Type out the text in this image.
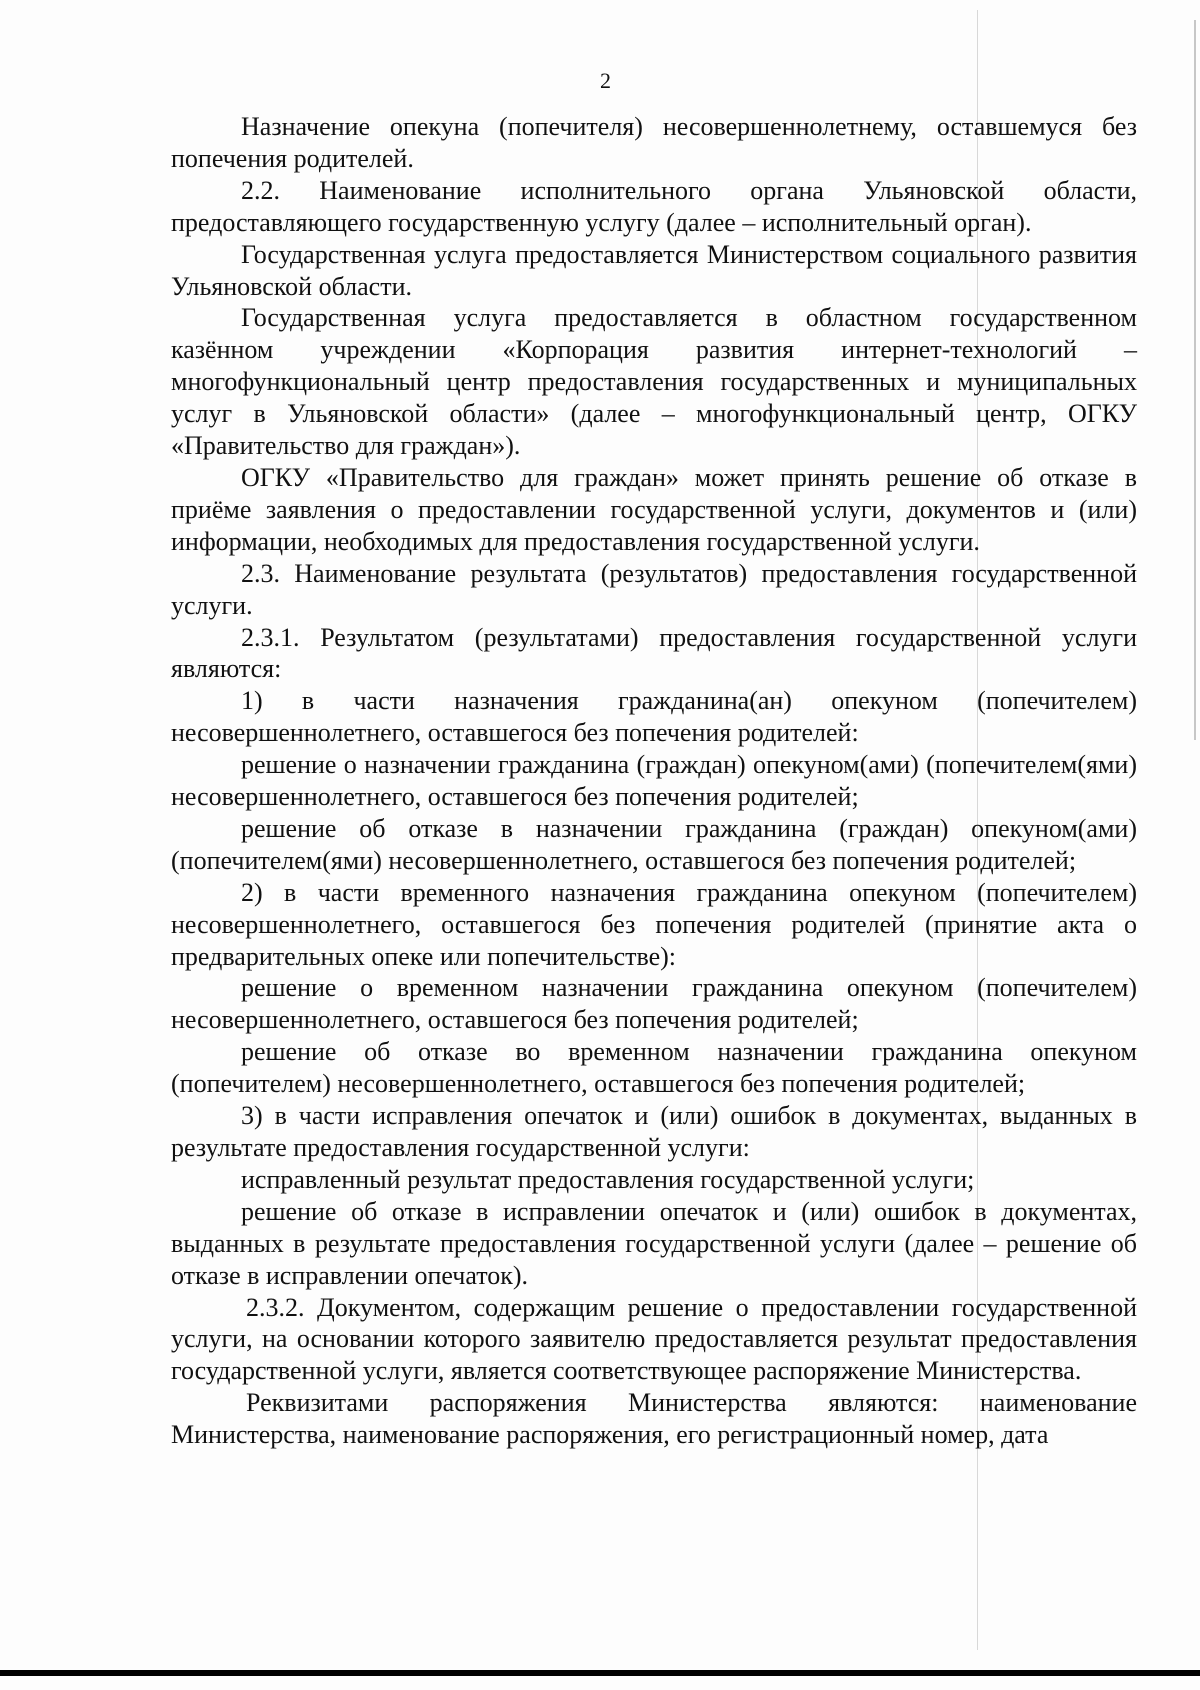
2

Назначение опекуна (попечителя) несовершеннолетнему, оставшемуся без попечения родителей.

2.2. Наименование исполнительного органа Ульяновской области, предоставляющего государственную услугу (далее – исполнительный орган).

Государственная услуга предоставляется Министерством социального развития Ульяновской области.

Государственная услуга предоставляется в областном государственном казённом учреждении «Корпорация развития интернет-технологий – многофункциональный центр предоставления государственных и муниципальных услуг в Ульяновской области» (далее – многофункциональный центр, ОГКУ «Правительство для граждан»).

ОГКУ «Правительство для граждан» может принять решение об отказе в приёме заявления о предоставлении государственной услуги, документов и (или) информации, необходимых для предоставления государственной услуги.

2.3. Наименование результата (результатов) предоставления государственной услуги.

2.3.1. Результатом (результатами) предоставления государственной услуги являются:

1) в части назначения гражданина(ан) опекуном (попечителем) несовершеннолетнего, оставшегося без попечения родителей:

решение о назначении гражданина (граждан) опекуном(ами) (попечителем(ями) несовершеннолетнего, оставшегося без попечения родителей;

решение об отказе в назначении гражданина (граждан) опекуном(ами) (попечителем(ями) несовершеннолетнего, оставшегося без попечения родителей;

2) в части временного назначения гражданина опекуном (попечителем) несовершеннолетнего, оставшегося без попечения родителей (принятие акта о предварительных опеке или попечительстве):

решение о временном назначении гражданина опекуном (попечителем) несовершеннолетнего, оставшегося без попечения родителей;

решение об отказе во временном назначении гражданина опекуном (попечителем) несовершеннолетнего, оставшегося без попечения родителей;

3) в части исправления опечаток и (или) ошибок в документах, выданных в результате предоставления государственной услуги:

исправленный результат предоставления государственной услуги;

решение об отказе в исправлении опечаток и (или) ошибок в документах, выданных в результате предоставления государственной услуги (далее – решение об отказе в исправлении опечаток).

2.3.2. Документом, содержащим решение о предоставлении государственной услуги, на основании которого заявителю предоставляется результат предоставления государственной услуги, является соответствующее распоряжение Министерства.

Реквизитами распоряжения Министерства являются: наименование Министерства, наименование распоряжения, его регистрационный номер, дата
